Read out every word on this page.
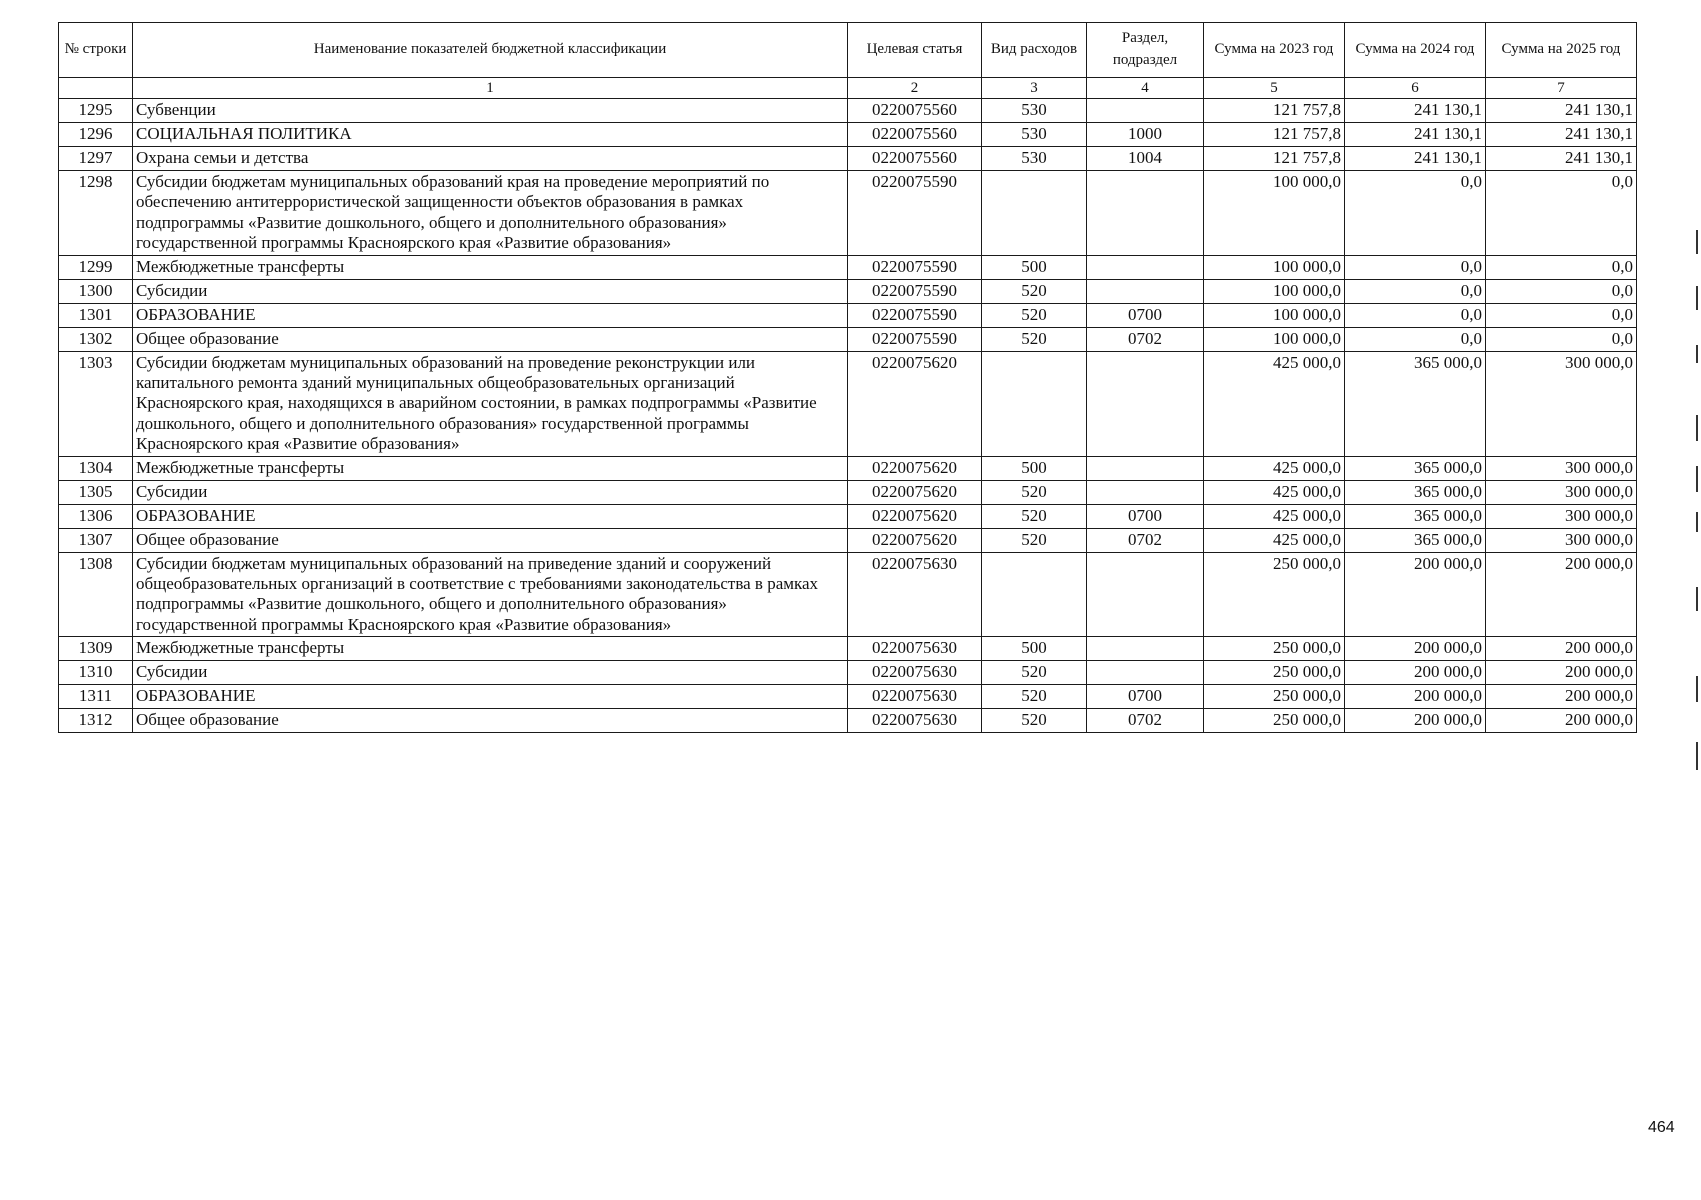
№ строки	Наименование показателей бюджетной классификации	Целевая статья	Вид расходов	Раздел, подраздел	Сумма на 2023 год	Сумма на 2024 год	Сумма на 2025 год
	1	2	3	4	5	6	7
1295	Субвенции	0220075560	530		121 757,8	241 130,1	241 130,1
1296	СОЦИАЛЬНАЯ ПОЛИТИКА	0220075560	530	1000	121 757,8	241 130,1	241 130,1
1297	Охрана семьи и детства	0220075560	530	1004	121 757,8	241 130,1	241 130,1
1298	Субсидии бюджетам муниципальных образований края на проведение мероприятий по обеспечению антитеррористической защищенности объектов образования в рамках подпрограммы «Развитие дошкольного, общего и дополнительного образования» государственной программы Красноярского края «Развитие образования»	0220075590			100 000,0	0,0	0,0
1299	Межбюджетные трансферты	0220075590	500		100 000,0	0,0	0,0
1300	Субсидии	0220075590	520		100 000,0	0,0	0,0
1301	ОБРАЗОВАНИЕ	0220075590	520	0700	100 000,0	0,0	0,0
1302	Общее образование	0220075590	520	0702	100 000,0	0,0	0,0
1303	Субсидии бюджетам муниципальных образований на проведение реконструкции или капитального ремонта зданий муниципальных общеобразовательных организаций Красноярского края, находящихся в аварийном состоянии, в рамках подпрограммы «Развитие дошкольного, общего и дополнительного образования» государственной программы Красноярского края «Развитие образования»	0220075620			425 000,0	365 000,0	300 000,0
1304	Межбюджетные трансферты	0220075620	500		425 000,0	365 000,0	300 000,0
1305	Субсидии	0220075620	520		425 000,0	365 000,0	300 000,0
1306	ОБРАЗОВАНИЕ	0220075620	520	0700	425 000,0	365 000,0	300 000,0
1307	Общее образование	0220075620	520	0702	425 000,0	365 000,0	300 000,0
1308	Субсидии бюджетам муниципальных образований на приведение зданий и сооружений общеобразовательных организаций в соответствие с требованиями законодательства в рамках подпрограммы «Развитие дошкольного, общего и дополнительного образования» государственной программы Красноярского края «Развитие образования»	0220075630			250 000,0	200 000,0	200 000,0
1309	Межбюджетные трансферты	0220075630	500		250 000,0	200 000,0	200 000,0
1310	Субсидии	0220075630	520		250 000,0	200 000,0	200 000,0
1311	ОБРАЗОВАНИЕ	0220075630	520	0700	250 000,0	200 000,0	200 000,0
1312	Общее образование	0220075630	520	0702	250 000,0	200 000,0	200 000,0
464
